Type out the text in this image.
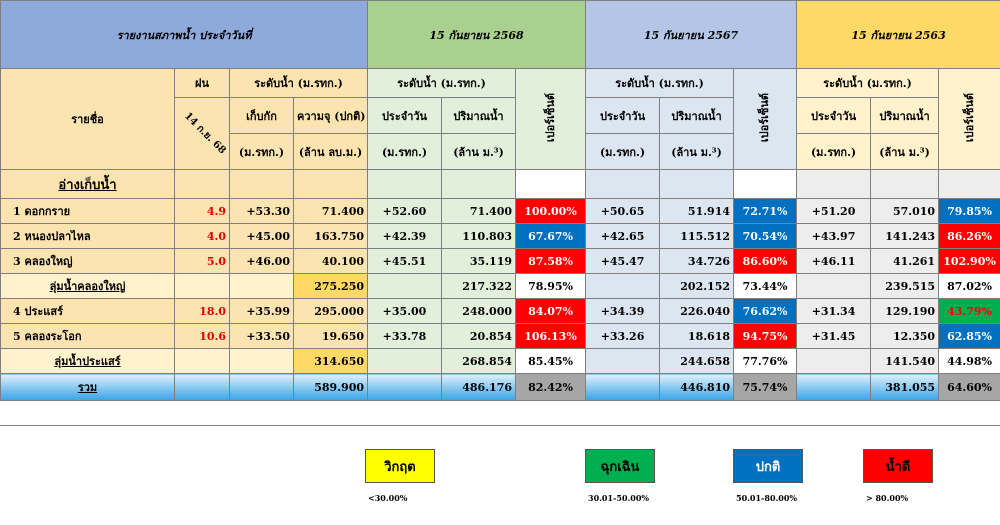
รายงานสภาพน้ำ ประจำวันที่				15 กันยายน 2568			15 กันยายน 2567			15 กันยายน 2563		
รายชื่อ	ฝน	ระดับน้ำ (ม.รทก.)		ระดับน้ำ (ม.รทก.)		เปอร์เซ็นต์	ระดับน้ำ (ม.รทก.)		เปอร์เซ็นต์	ระดับน้ำ (ม.รทก.)		เปอร์เซ็นต์
	14 ก.ย. 68	เก็บกัก	ความจุ (ปกติ)	ประจำวัน	ปริมาณน้ำ		ประจำวัน	ปริมาณน้ำ		ประจำวัน	ปริมาณน้ำ	
		(ม.รทก.)	(ล้าน ลบ.ม.)	(ม.รทก.)	(ล้าน ม.³)		(ม.รทก.)	(ล้าน ม.³)		(ม.รทก.)	(ล้าน ม.³)	
อ่างเก็บน้ำ												
1 ดอกกราย	4.9	+53.30	71.400	+52.60	71.400	100.00%	+50.65	51.914	72.71%	+51.20	57.010	79.85%
2 หนองปลาไหล	4.0	+45.00	163.750	+42.39	110.803	67.67%	+42.65	115.512	70.54%	+43.97	141.243	86.26%
3 คลองใหญ่	5.0	+46.00	40.100	+45.51	35.119	87.58%	+45.47	34.726	86.60%	+46.11	41.261	102.90%
ลุ่มน้ำคลองใหญ่			275.250		217.322	78.95%		202.152	73.44%		239.515	87.02%
4 ประแสร์	18.0	+35.99	295.000	+35.00	248.000	84.07%	+34.39	226.040	76.62%	+31.34	129.190	43.79%
5 คลองระโอก	10.6	+33.50	19.650	+33.78	20.854	106.13%	+33.26	18.618	94.75%	+31.45	12.350	62.85%
ลุ่มน้ำประแสร์			314.650		268.854	85.45%		244.658	77.76%		141.540	44.98%
รวม			589.900		486.176	82.42%		446.810	75.74%		381.055	64.60%
วิกฤต
<30.00%
ฉุกเฉิน
30.01-50.00%
ปกติ
50.01-80.00%
น้ำดี
> 80.00%
